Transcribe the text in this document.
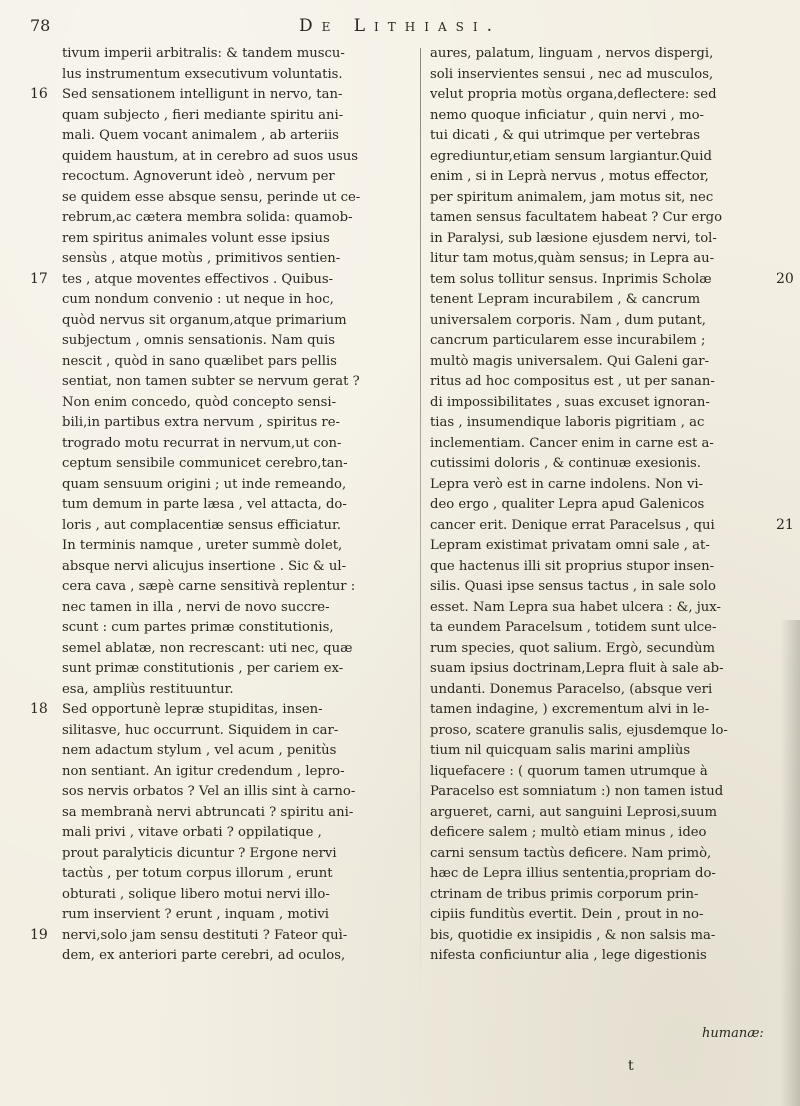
78	De Lithiasi.
tivum imperii arbitralis: & tandem muscu-
lus instrumentum exsecutivum voluntatis.
Sed sensationem intelligunt in nervo, tan-
quam subjecto , fieri mediante spiritu ani-
mali. Quem vocant animalem , ab arteriis
quidem haustum, at in cerebro ad suos usus
recoctum. Agnoverunt ideò , nervum per
se quidem esse absque sensu, perinde ut ce-
rebrum,ac cætera membra solida: quamob-
rem spiritus animales volunt esse ipsius
sensùs , atque motùs , primitivos sentien-
tes , atque moventes effectivos . Quibus-
cum nondum convenio : ut neque in hoc,
quòd nervus sit organum,atque primarium
subjectum , omnis sensationis. Nam quis
nescit , quòd in sano quælibet pars pellis
sentiat, non tamen subter se nervum gerat ?
Non enim concedo, quòd concepto sensi-
bili,in partibus extra nervum , spiritus re-
trogrado motu recurrat in nervum,ut con-
ceptum sensibile communicet cerebro,tan-
quam sensuum origini ; ut inde remeando,
tum demum in parte læsa , vel attacta, do-
loris , aut complacentiæ sensus efficiatur.
In terminis namque , ureter summè dolet,
absque nervi alicujus insertione . Sic & ul-
cera cava , sæpè carne sensitivà replentur :
nec tamen in illa , nervi de novo succre-
scunt : cum partes primæ constitutionis,
semel ablatæ, non recrescant: uti nec, quæ
sunt primæ constitutionis , per cariem ex-
esa, ampliùs restituuntur.
Sed opportunè lepræ stupiditas, insen-
silitasve, huc occurrunt. Siquidem in car-
nem adactum stylum , vel acum , penitùs
non sentiant. An igitur credendum , lepro-
sos nervis orbatos ? Vel an illis sint à carno-
sa membranà nervi abtruncati ? spiritu ani-
mali privi , vitave orbati ? oppilatique ,
prout paralyticis dicuntur ? Ergone nervi
tactùs , per totum corpus illorum , erunt
obturati , solique libero motui nervi illo-
rum inservient ? erunt , inquam , motivi
nervi,solo jam sensu destituti ? Fateor quì-
dem, ex anteriori parte cerebri, ad oculos,
aures, palatum, linguam , nervos dispergi,
soli inservientes sensui , nec ad musculos,
velut propria motùs organa,deflectere: sed
nemo quoque inficiatur , quin nervi , mo-
tui dicati , & qui utrimque per vertebras
egrediuntur,etiam sensum largiantur.Quid
enim , si in Leprà nervus , motus effector,
per spiritum animalem, jam motus sit, nec
tamen sensus facultatem habeat ? Cur ergo
in Paralysi, sub læsione ejusdem nervi, tol-
litur tam motus,quàm sensus; in Lepra au-
tem solus tollitur sensus. Inprimis Scholæ
tenent Lepram incurabilem , & cancrum
universalem corporis. Nam , dum putant,
cancrum particularem esse incurabilem ;
multò magis universalem. Qui Galeni gar-
ritus ad hoc compositus est , ut per sanan-
di impossibilitates , suas excuset ignoran-
tias , insumendique laboris pigritiam , ac
inclementiam. Cancer enim in carne est a-
cutissimi doloris , & continuæ exesionis.
Lepra verò est in carne indolens. Non vi-
deo ergo , qualiter Lepra apud Galenicos
cancer erit. Denique errat Paracelsus , qui
Lepram existimat privatam omni sale , at-
que hactenus illi sit proprius stupor insen-
silis. Quasi ipse sensus tactus , in sale solo
esset. Nam Lepra sua habet ulcera : &, jux-
ta eundem Paracelsum , totidem sunt ulce-
rum species, quot salium. Ergò, secundùm
suam ipsius doctrinam,Lepra fluit à sale ab-
undanti. Donemus Paracelso, (absque veri
tamen indagine, ) excrementum alvi in le-
proso, scatere granulis salis, ejusdemque lo-
tium nil quicquam salis marini ampliùs
liquefacere : ( quorum tamen utrumque à
Paracelso est somniatum :) non tamen istud
argueret, carni, aut sanguini Leprosi,suum
deficere salem ; multò etiam minus , ideo
carni sensum tactùs deficere. Nam primò,
hæc de Lepra illius sententia,propriam do-
ctrinam de tribus primis corporum prin-
cipiis funditùs evertit. Dein , prout in no-
bis, quotidie ex insipidis , & non salsis ma-
nifesta conficiuntur alia , lege digestionis
16
17
18
19
20
21
humanæ:
t
